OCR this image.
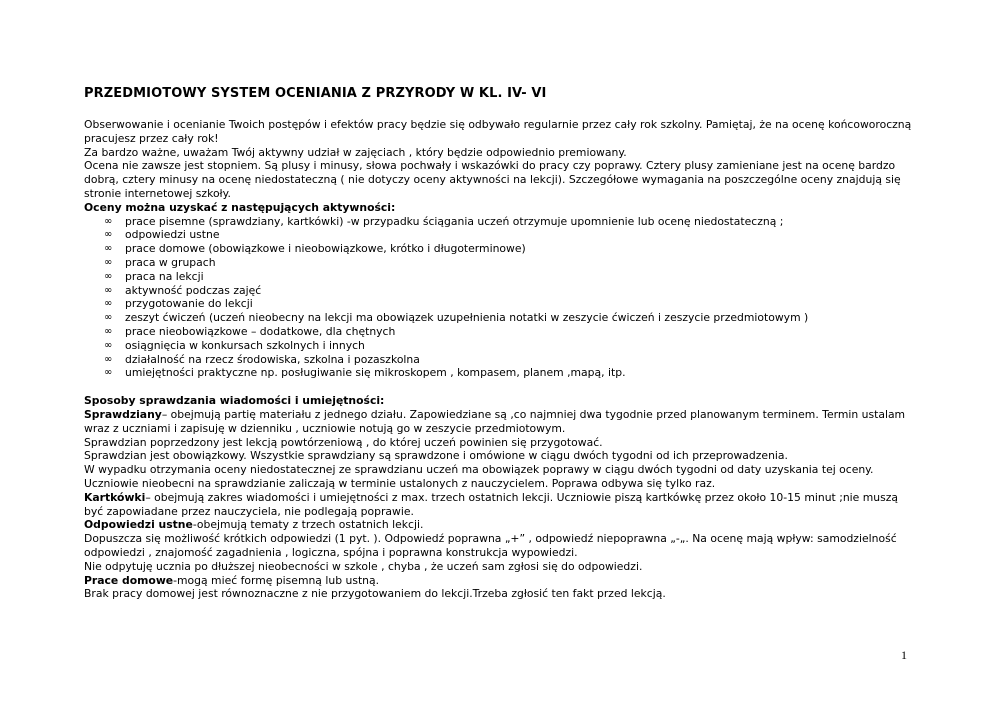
PRZEDMIOTOWY SYSTEM OCENIANIA Z PRZYRODY W KL. IV- VI

Obserwowanie i ocenianie Twoich postępów i efektów pracy będzie się odbywało regularnie przez cały rok szkolny. Pamiętaj, że na ocenę końcoworoczną pracujesz przez cały rok!

Za bardzo ważne, uważam Twój aktywny udział w zajęciach , który będzie odpowiednio premiowany.

Ocena nie zawsze jest stopniem. Są plusy i minusy, słowa pochwały i wskazówki do pracy czy poprawy. Cztery plusy zamieniane jest na ocenę bardzo dobrą, cztery minusy na ocenę niedostateczną ( nie dotyczy oceny aktywności na lekcji). Szczegółowe wymagania na poszczególne oceny znajdują się stronie internetowej szkoły.

Oceny można uzyskać z następujących aktywności:

∞ prace pisemne (sprawdziany, kartkówki) -w przypadku ściągania uczeń otrzymuje upomnienie lub ocenę niedostateczną ;
∞ odpowiedzi ustne
∞ prace domowe (obowiązkowe i nieobowiązkowe, krótko i długoterminowe)
∞ praca w grupach
∞ praca na lekcji
∞ aktywność podczas zajęć
∞ przygotowanie do lekcji
∞ zeszyt ćwiczeń (uczeń nieobecny na lekcji ma obowiązek uzupełnienia notatki w zeszycie ćwiczeń i zeszycie przedmiotowym )
∞ prace nieobowiązkowe – dodatkowe, dla chętnych
∞ osiągnięcia w konkursach szkolnych i innych
∞ działalność na rzecz środowiska, szkolna i pozaszkolna
∞ umiejętności praktyczne np. posługiwanie się mikroskopem , kompasem, planem ,mapą, itp.

Sposoby sprawdzania wiadomości i umiejętności:

Sprawdziany– obejmują partię materiału z jednego działu. Zapowiedziane są ,co najmniej dwa tygodnie przed planowanym terminem. Termin ustalam wraz z uczniami i zapisuję w dzienniku , uczniowie notują go w zeszycie przedmiotowym.

Sprawdzian poprzedzony jest lekcją powtórzeniową , do której uczeń powinien się przygotować.

Sprawdzian jest obowiązkowy. Wszystkie sprawdziany są sprawdzone i omówione w ciągu dwóch tygodni od ich przeprowadzenia.

W wypadku otrzymania oceny niedostatecznej ze sprawdzianu uczeń ma obowiązek poprawy w ciągu dwóch tygodni od daty uzyskania tej oceny. Uczniowie nieobecni na sprawdzianie zaliczają w terminie ustalonych z nauczycielem. Poprawa odbywa się tylko raz.

Kartkówki– obejmują zakres wiadomości i umiejętności z max. trzech ostatnich lekcji. Uczniowie piszą kartkówkę przez około 10-15 minut ;nie muszą być zapowiadane przez nauczyciela, nie podlegają poprawie.

Odpowiedzi ustne-obejmują tematy z trzech ostatnich lekcji.

Dopuszcza się możliwość krótkich odpowiedzi (1 pyt. ). Odpowiedź poprawna „+” , odpowiedź niepoprawna „-„. Na ocenę mają wpływ: samodzielność odpowiedzi , znajomość zagadnienia , logiczna, spójna i poprawna konstrukcja wypowiedzi.

Nie odpytuję ucznia po dłuższej nieobecności w szkole , chyba , że uczeń sam zgłosi się do odpowiedzi.

Prace domowe-mogą mieć formę pisemną lub ustną.

Brak pracy domowej jest równoznaczne z nie przygotowaniem do lekcji.Trzeba zgłosić ten fakt przed lekcją.

1
